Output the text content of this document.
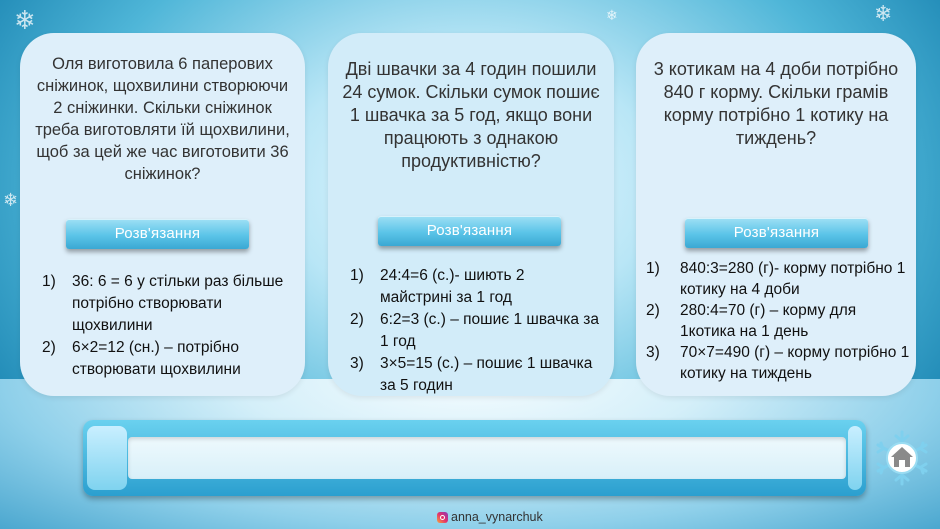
❄	❄	❄
❄
Оля виготовила 6 паперових сніжинок, щохвилини створюючи 2 сніжинки. Скільки сніжинок треба виготовляти їй щохвилини, щоб за цей же час виготовити 36 сніжинок?
Розв'язання
1) 36: 6 = 6 у стільки раз більше потрібно створювати щохвилини
2) 6×2=12 (сн.) – потрібно створювати щохвилини
Дві швачки за 4 годин пошили 24 сумок. Скільки сумок пошиє 1 швачка за 5 год, якщо вони працюють з однакою продуктивністю?
Розв'язання
1) 24:4=6 (с.)- шиють 2 майстрині за 1 год
2) 6:2=3 (с.) – пошиє 1 швачка за 1 год
3) 3×5=15 (с.) – пошиє 1 швачка за 5 годин
3 котикам на 4 доби потрібно 840 г корму. Скільки грамів корму потрібно 1 котику на тиждень?
Розв'язання
1) 840:3=280 (г)- корму потрібно 1 котику на 4 доби
2) 280:4=70 (г) – корму для 1котика на 1 день
3) 70×7=490 (г) – корму потрібно 1 котику на тиждень
anna_vynarchuk
